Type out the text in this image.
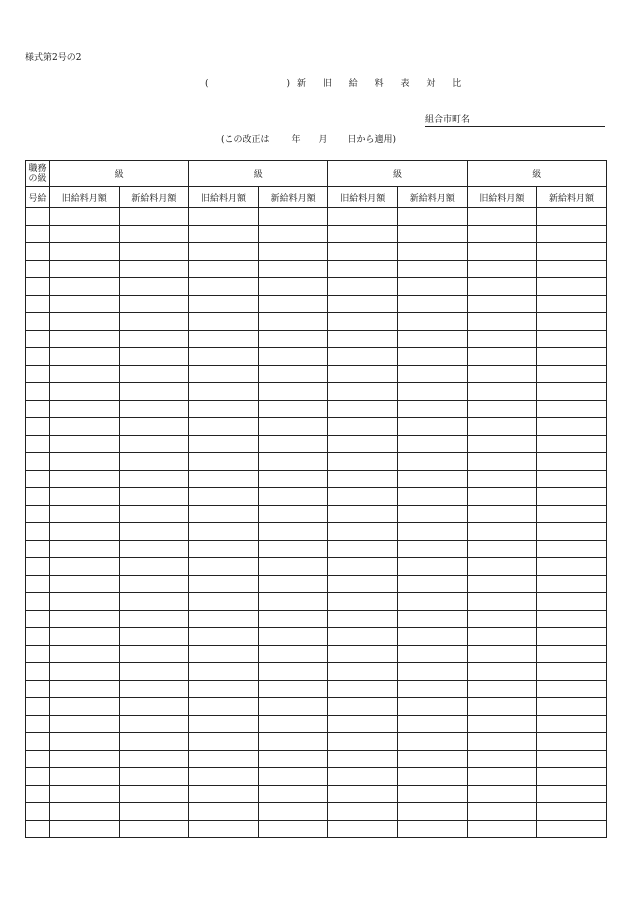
様式第2号の2
(	)新 旧 給 料 表 対 比
組合市町名
(この改正は 年 月 日から適用)
職務
の級	級		級		級		級	
号給	旧給料月額	新給料月額	旧給料月額	新給料月額	旧給料月額	新給料月額	旧給料月額	新給料月額
